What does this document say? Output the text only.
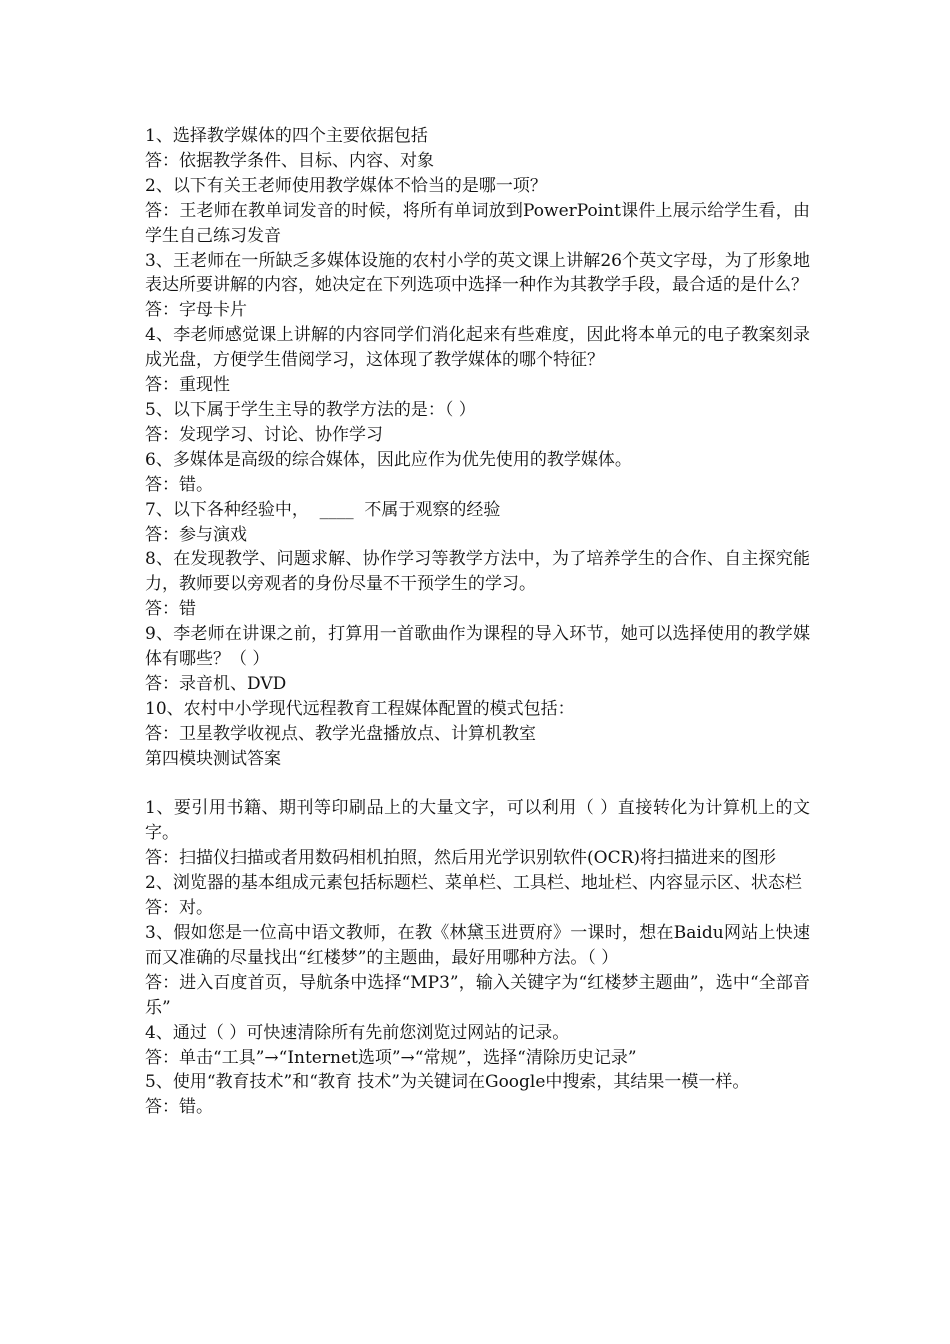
1、选择教学媒体的四个主要依据包括

答：依据教学条件、目标、内容、对象

2、以下有关王老师使用教学媒体不恰当的是哪一项？

答：王老师在教单词发音的时候，将所有单词放到PowerPoint课件上展示给学生看，由学生自己练习发音

3、王老师在一所缺乏多媒体设施的农村小学的英文课上讲解26个英文字母，为了形象地表达所要讲解的内容，她决定在下列选项中选择一种作为其教学手段，最合适的是什么？

答：字母卡片

4、李老师感觉课上讲解的内容同学们消化起来有些难度，因此将本单元的电子教案刻录成光盘，方便学生借阅学习，这体现了教学媒体的哪个特征？

答：重现性

5、以下属于学生主导的教学方法的是：（ ）

答：发现学习、讨论、协作学习

6、多媒体是高级的综合媒体，因此应作为优先使用的教学媒体。

答：错。

7、以下各种经验中，  ____  不属于观察的经验

答：参与演戏

8、在发现教学、问题求解、协作学习等教学方法中，为了培养学生的合作、自主探究能力，教师要以旁观者的身份尽量不干预学生的学习。

答：错

9、李老师在讲课之前，打算用一首歌曲作为课程的导入环节，她可以选择使用的教学媒体有哪些？（ ）

答：录音机、DVD

10、农村中小学现代远程教育工程媒体配置的模式包括：

答：卫星教学收视点、教学光盘播放点、计算机教室

第四模块测试答案

1、要引用书籍、期刊等印刷品上的大量文字，可以利用（ ）直接转化为计算机上的文字。

答：扫描仪扫描或者用数码相机拍照，然后用光学识别软件(OCR)将扫描进来的图形

2、浏览器的基本组成元素包括标题栏、菜单栏、工具栏、地址栏、内容显示区、状态栏

答：对。

3、假如您是一位高中语文教师，在教《林黛玉进贾府》一课时，想在Baidu网站上快速而又准确的尽量找出“红楼梦”的主题曲，最好用哪种方法。（ ）

答：进入百度首页，导航条中选择“MP3”，输入关键字为“红楼梦主题曲”，选中“全部音乐”

4、通过（ ）可快速清除所有先前您浏览过网站的记录。

答：单击“工具”→“Internet选项”→“常规”，选择“清除历史记录”

5、使用“教育技术”和“教育 技术”为关键词在Google中搜索，其结果一模一样。

答：错。
